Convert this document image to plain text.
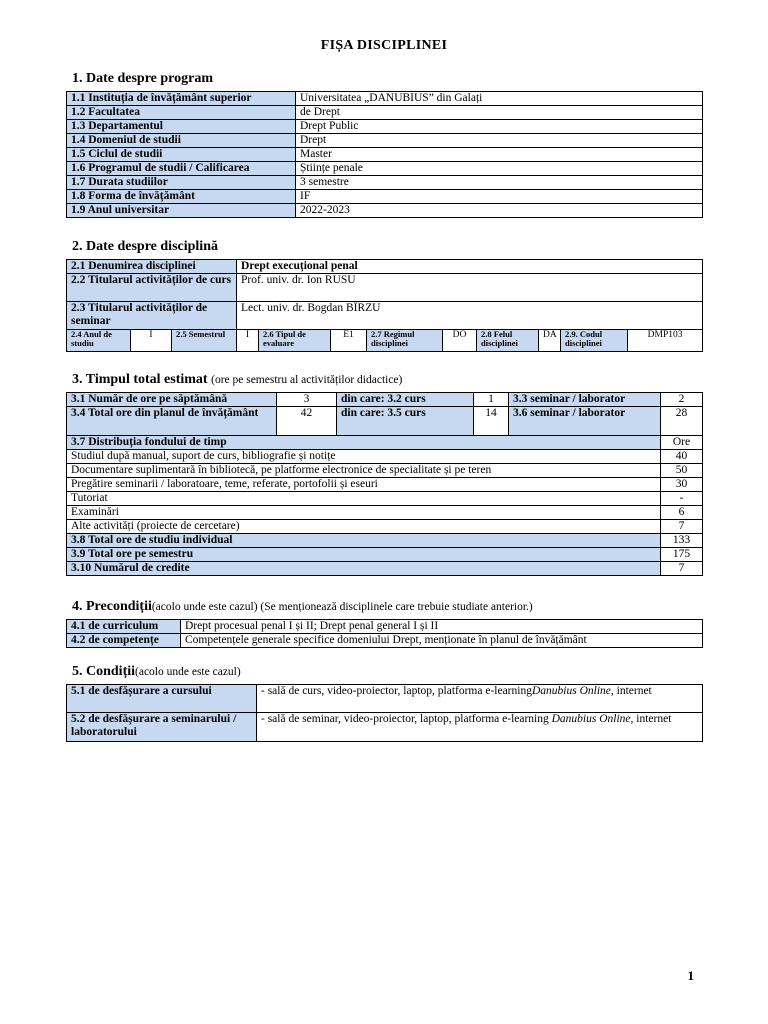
FIȘA DISCIPLINEI
1. Date despre program
1.1 Instituția de învățământ superior	Universitatea „DANUBIUS” din Galați
1.2 Facultatea	de Drept
1.3 Departamentul	Drept Public
1.4 Domeniul de studii	Drept
1.5 Ciclul de studii	Master
1.6 Programul de studii / Calificarea	Științe penale
1.7 Durata studiilor	3 semestre
1.8 Forma de învățământ	IF
1.9 Anul universitar	2022-2023
2. Date despre disciplină
2.1 Denumirea disciplinei			Drept execuțional penal								
2.2 Titularul activităților de curs			Prof. univ. dr. Ion RUSU								
2.3 Titularul activităților de seminar			Lect. univ. dr. Bogdan BÎRZU								
2.4 Anul de studiu	I	2.5 Semestrul	I	2.6 Tipul de evaluare	E1	2.7 Regimul disciplinei	DO	2.8 Felul disciplinei	DA	2.9. Codul disciplinei	DMP103
3. Timpul total estimat (ore pe semestru al activităților didactice)
3.1 Număr de ore pe săptămână	3	din care: 3.2 curs	1	3.3 seminar / laborator	2
3.4 Total ore din planul de învățământ	42	din care: 3.5 curs	14	3.6 seminar / laborator	28
3.7 Distribuția fondului de timp					Ore
Studiul după manual, suport de curs, bibliografie și notițe					40
Documentare suplimentară în bibliotecă, pe platforme electronice de specialitate și pe teren					50
Pregătire seminarii / laboratoare, teme, referate, portofolii și eseuri					30
Tutoriat					-
Examinări					6
Alte activități (proiecte de cercetare)					7
3.8 Total ore de studiu individual					133
3.9 Total ore pe semestru					175
3.10 Numărul de credite					7
4. Precondiții(acolo unde este cazul) (Se menționează disciplinele care trebuie studiate anterior.)
4.1 de curriculum	Drept procesual penal I și II; Drept penal general I și II
4.2 de competențe	Competențele generale specifice domeniului Drept, menționate în planul de învățământ
5. Condiții(acolo unde este cazul)
5.1 de desfășurare a cursului	- sală de curs, video-proiector, laptop, platforma e-learningDanubius Online, internet
5.2 de desfășurare a seminarului / laboratorului	- sală de seminar, video-proiector, laptop, platforma e-learning Danubius Online, internet
1
